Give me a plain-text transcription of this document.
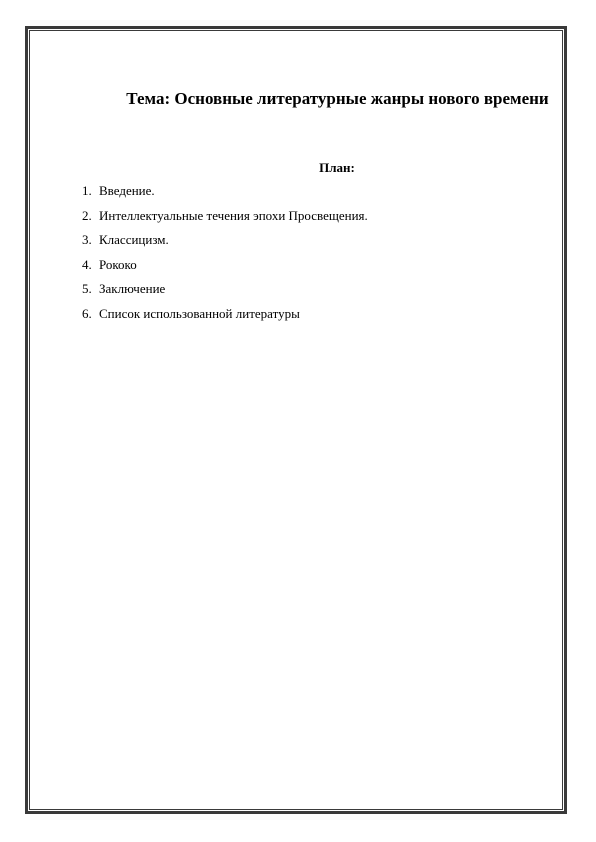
Тема: Основные литературные жанры нового времени

План:

1. Введение.
2. Интеллектуальные течения эпохи Просвещения.
3. Классицизм.
4. Рококо
5. Заключение
6. Список использованной литературы
